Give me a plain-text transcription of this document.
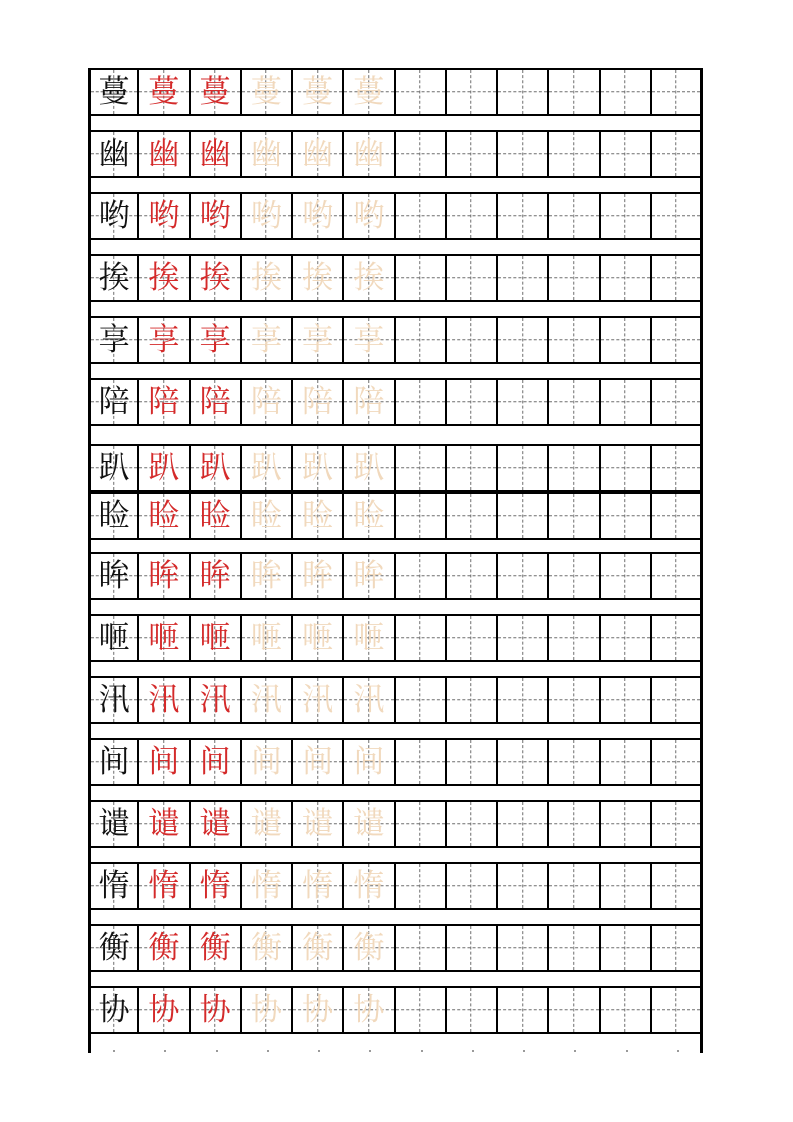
蔓 蔓 蔓 蔓 蔓 蔓
幽 幽 幽 幽 幽 幽
哟 哟 哟 哟 哟 哟
挨 挨 挨 挨 挨 挨
享 享 享 享 享 享
陪 陪 陪 陪 陪 陪
趴 趴 趴 趴 趴 趴
睑 睑 睑 睑 睑 睑
眸 眸 眸 眸 眸 眸
咂 咂 咂 咂 咂 咂
汛 汛 汛 汛 汛 汛
间 间 间 间 间 间
谴 谴 谴 谴 谴 谴
惰 惰 惰 惰 惰 惰
衡 衡 衡 衡 衡 衡
协 协 协 协 协 协
